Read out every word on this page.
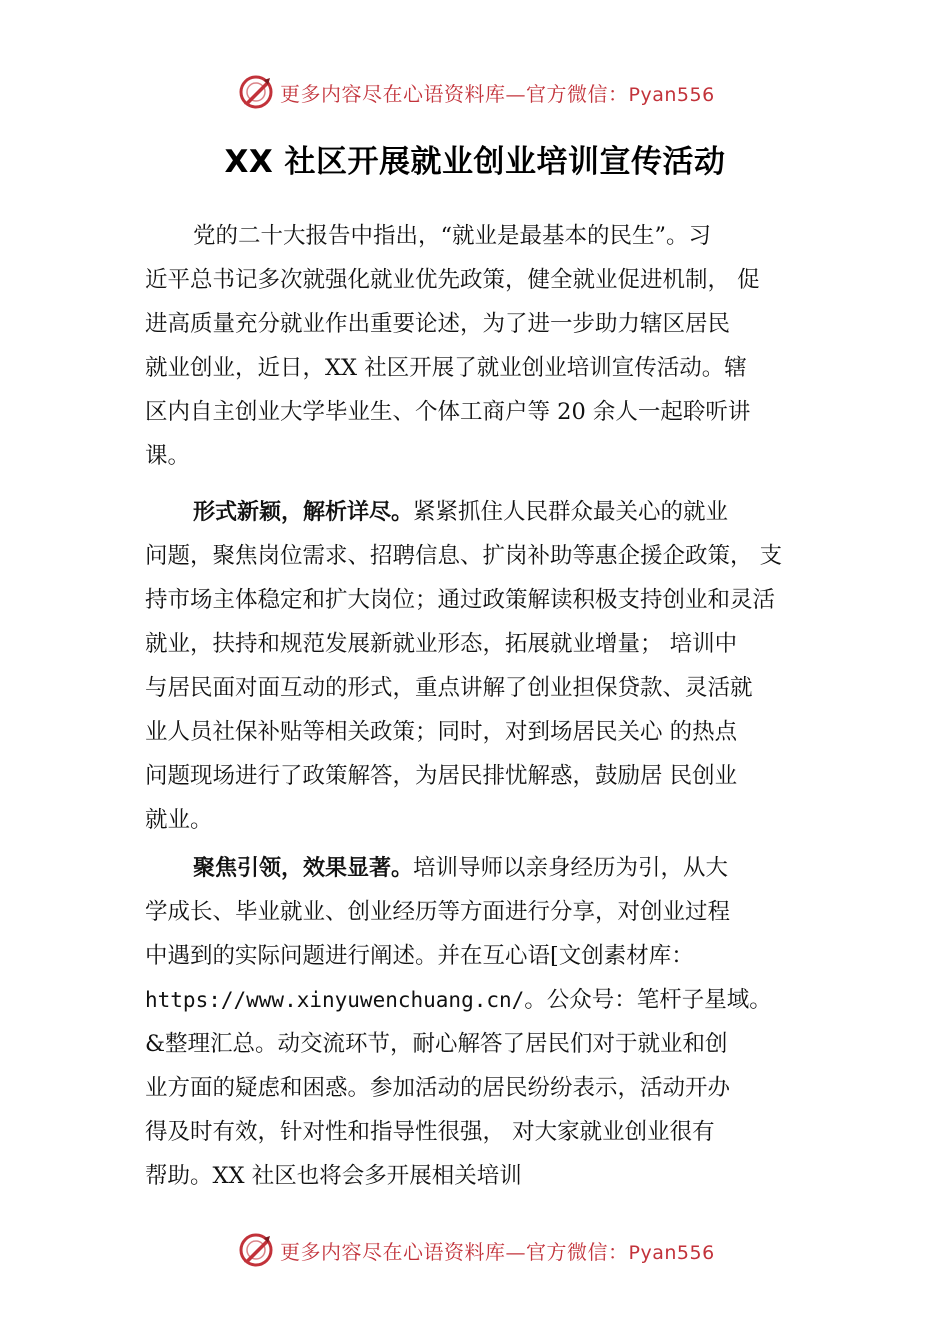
更多内容尽在心语资料库—官方微信：Pyan556
XX 社区开展就业创业培训宣传活动
党的二十大报告中指出，“就业是最基本的民生”。习
近平总书记多次就强化就业优先政策，健全就业促进机制， 促
进高质量充分就业作出重要论述，为了进一步助力辖区居民
就业创业，近日，XX 社区开展了就业创业培训宣传活动。辖
区内自主创业大学毕业生、个体工商户等 20 余人一起聆听讲
课。
形式新颖，解析详尽。紧紧抓住人民群众最关心的就业
问题，聚焦岗位需求、招聘信息、扩岗补助等惠企援企政策， 支
持市场主体稳定和扩大岗位；通过政策解读积极支持创业和灵活
就业，扶持和规范发展新就业形态，拓展就业增量； 培训中
与居民面对面互动的形式，重点讲解了创业担保贷款、灵活就
业人员社保补贴等相关政策；同时，对到场居民关心 的热点
问题现场进行了政策解答，为居民排忧解惑，鼓励居 民创业
就业。
聚焦引领，效果显著。培训导师以亲身经历为引，从大
学成长、毕业就业、创业经历等方面进行分享，对创业过程
中遇到的实际问题进行阐述。并在互心语[文创素材库：
https://www.xinyuwenchuang.cn/。公众号：笔杆子星域。
&整理汇总。动交流环节，耐心解答了居民们对于就业和创
业方面的疑虑和困惑。参加活动的居民纷纷表示，活动开办
得及时有效，针对性和指导性很强， 对大家就业创业很有
帮助。XX 社区也将会多开展相关培训
更多内容尽在心语资料库—官方微信：Pyan556
